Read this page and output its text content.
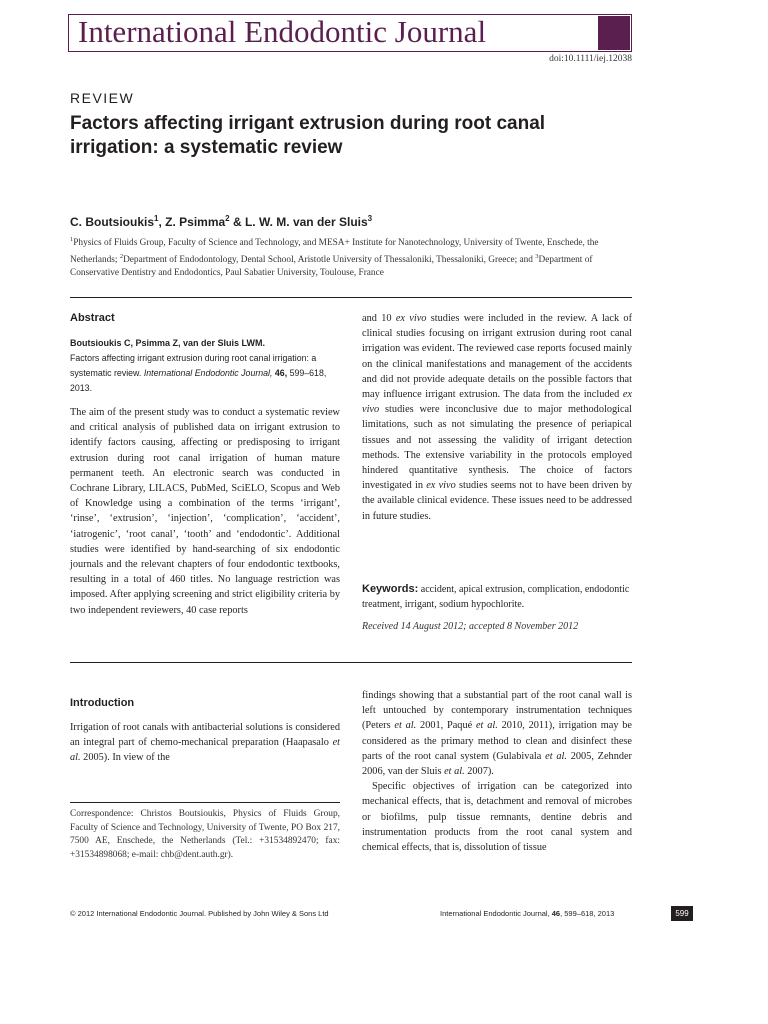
International Endodontic Journal
doi:10.1111/iej.12038
REVIEW
Factors affecting irrigant extrusion during root canal irrigation: a systematic review
C. Boutsioukis$^1$, Z. Psimma$^2$ & L. W. M. van der Sluis$^3$
$^1$Physics of Fluids Group, Faculty of Science and Technology, and MESA+ Institute for Nanotechnology, University of Twente, Enschede, the Netherlands; $^2$Department of Endodontology, Dental School, Aristotle University of Thessaloniki, Thessaloniki, Greece; and $^3$Department of Conservative Dentistry and Endodontics, Paul Sabatier University, Toulouse, France
Abstract
Boutsioukis C, Psimma Z, van der Sluis LWM.
Factors affecting irrigant extrusion during root canal irrigation: a systematic review. International Endodontic Journal, 46, 599–618, 2013.
The aim of the present study was to conduct a systematic review and critical analysis of published data on irrigant extrusion to identify factors causing, affecting or predisposing to irrigant extrusion during root canal irrigation of human mature permanent teeth. An electronic search was conducted in Cochrane Library, LILACS, PubMed, SciELO, Scopus and Web of Knowledge using a combination of the terms ‘irrigant’, ‘rinse’, ‘extrusion’, ‘injection’, ‘complication’, ‘accident’, ‘iatrogenic’, ‘root canal’, ‘tooth’ and ‘endodontic’. Additional studies were identified by hand-searching of six endodontic journals and the relevant chapters of four endodontic textbooks, resulting in a total of 460 titles. No language restriction was imposed. After applying screening and strict eligibility criteria by two independent reviewers, 40 case reports
and 10 ex vivo studies were included in the review. A lack of clinical studies focusing on irrigant extrusion during root canal irrigation was evident. The reviewed case reports focused mainly on the clinical manifestations and management of the accidents and did not provide adequate details on the possible factors that may influence irrigant extrusion. The data from the included ex vivo studies were inconclusive due to major methodological limitations, such as not simulating the presence of periapical tissues and not assessing the validity of irrigant detection methods. The extensive variability in the protocols employed hindered quantitative synthesis. The choice of factors investigated in ex vivo studies seems not to have been driven by the available clinical evidence. These issues need to be addressed in future studies.
Keywords: accident, apical extrusion, complication, endodontic treatment, irrigant, sodium hypochlorite.
Received 14 August 2012; accepted 8 November 2012
Introduction
Irrigation of root canals with antibacterial solutions is considered an integral part of chemo-mechanical preparation (Haapasalo et al. 2005). In view of the
Correspondence: Christos Boutsioukis, Physics of Fluids Group, Faculty of Science and Technology, University of Twente, PO Box 217, 7500 AE, Enschede, the Netherlands (Tel.: +31534892470; fax: +31534898068; e-mail: chb@dent.auth.gr).

findings showing that a substantial part of the root canal wall is left untouched by contemporary instrumentation techniques (Peters et al. 2001, Paqué et al. 2010, 2011), irrigation may be considered as the primary method to clean and disinfect these parts of the root canal system (Gulabivala et al. 2005, Zehnder 2006, van der Sluis et al. 2007).

Specific objectives of irrigation can be categorized into mechanical effects, that is, detachment and removal of microbes or biofilms, pulp tissue remnants, dentine debris and instrumentation products from the root canal system and chemical effects, that is, dissolution of tissue

© 2012 International Endodontic Journal. Published by John Wiley & Sons Ltd	International Endodontic Journal, 46, 599–618, 2013	599
